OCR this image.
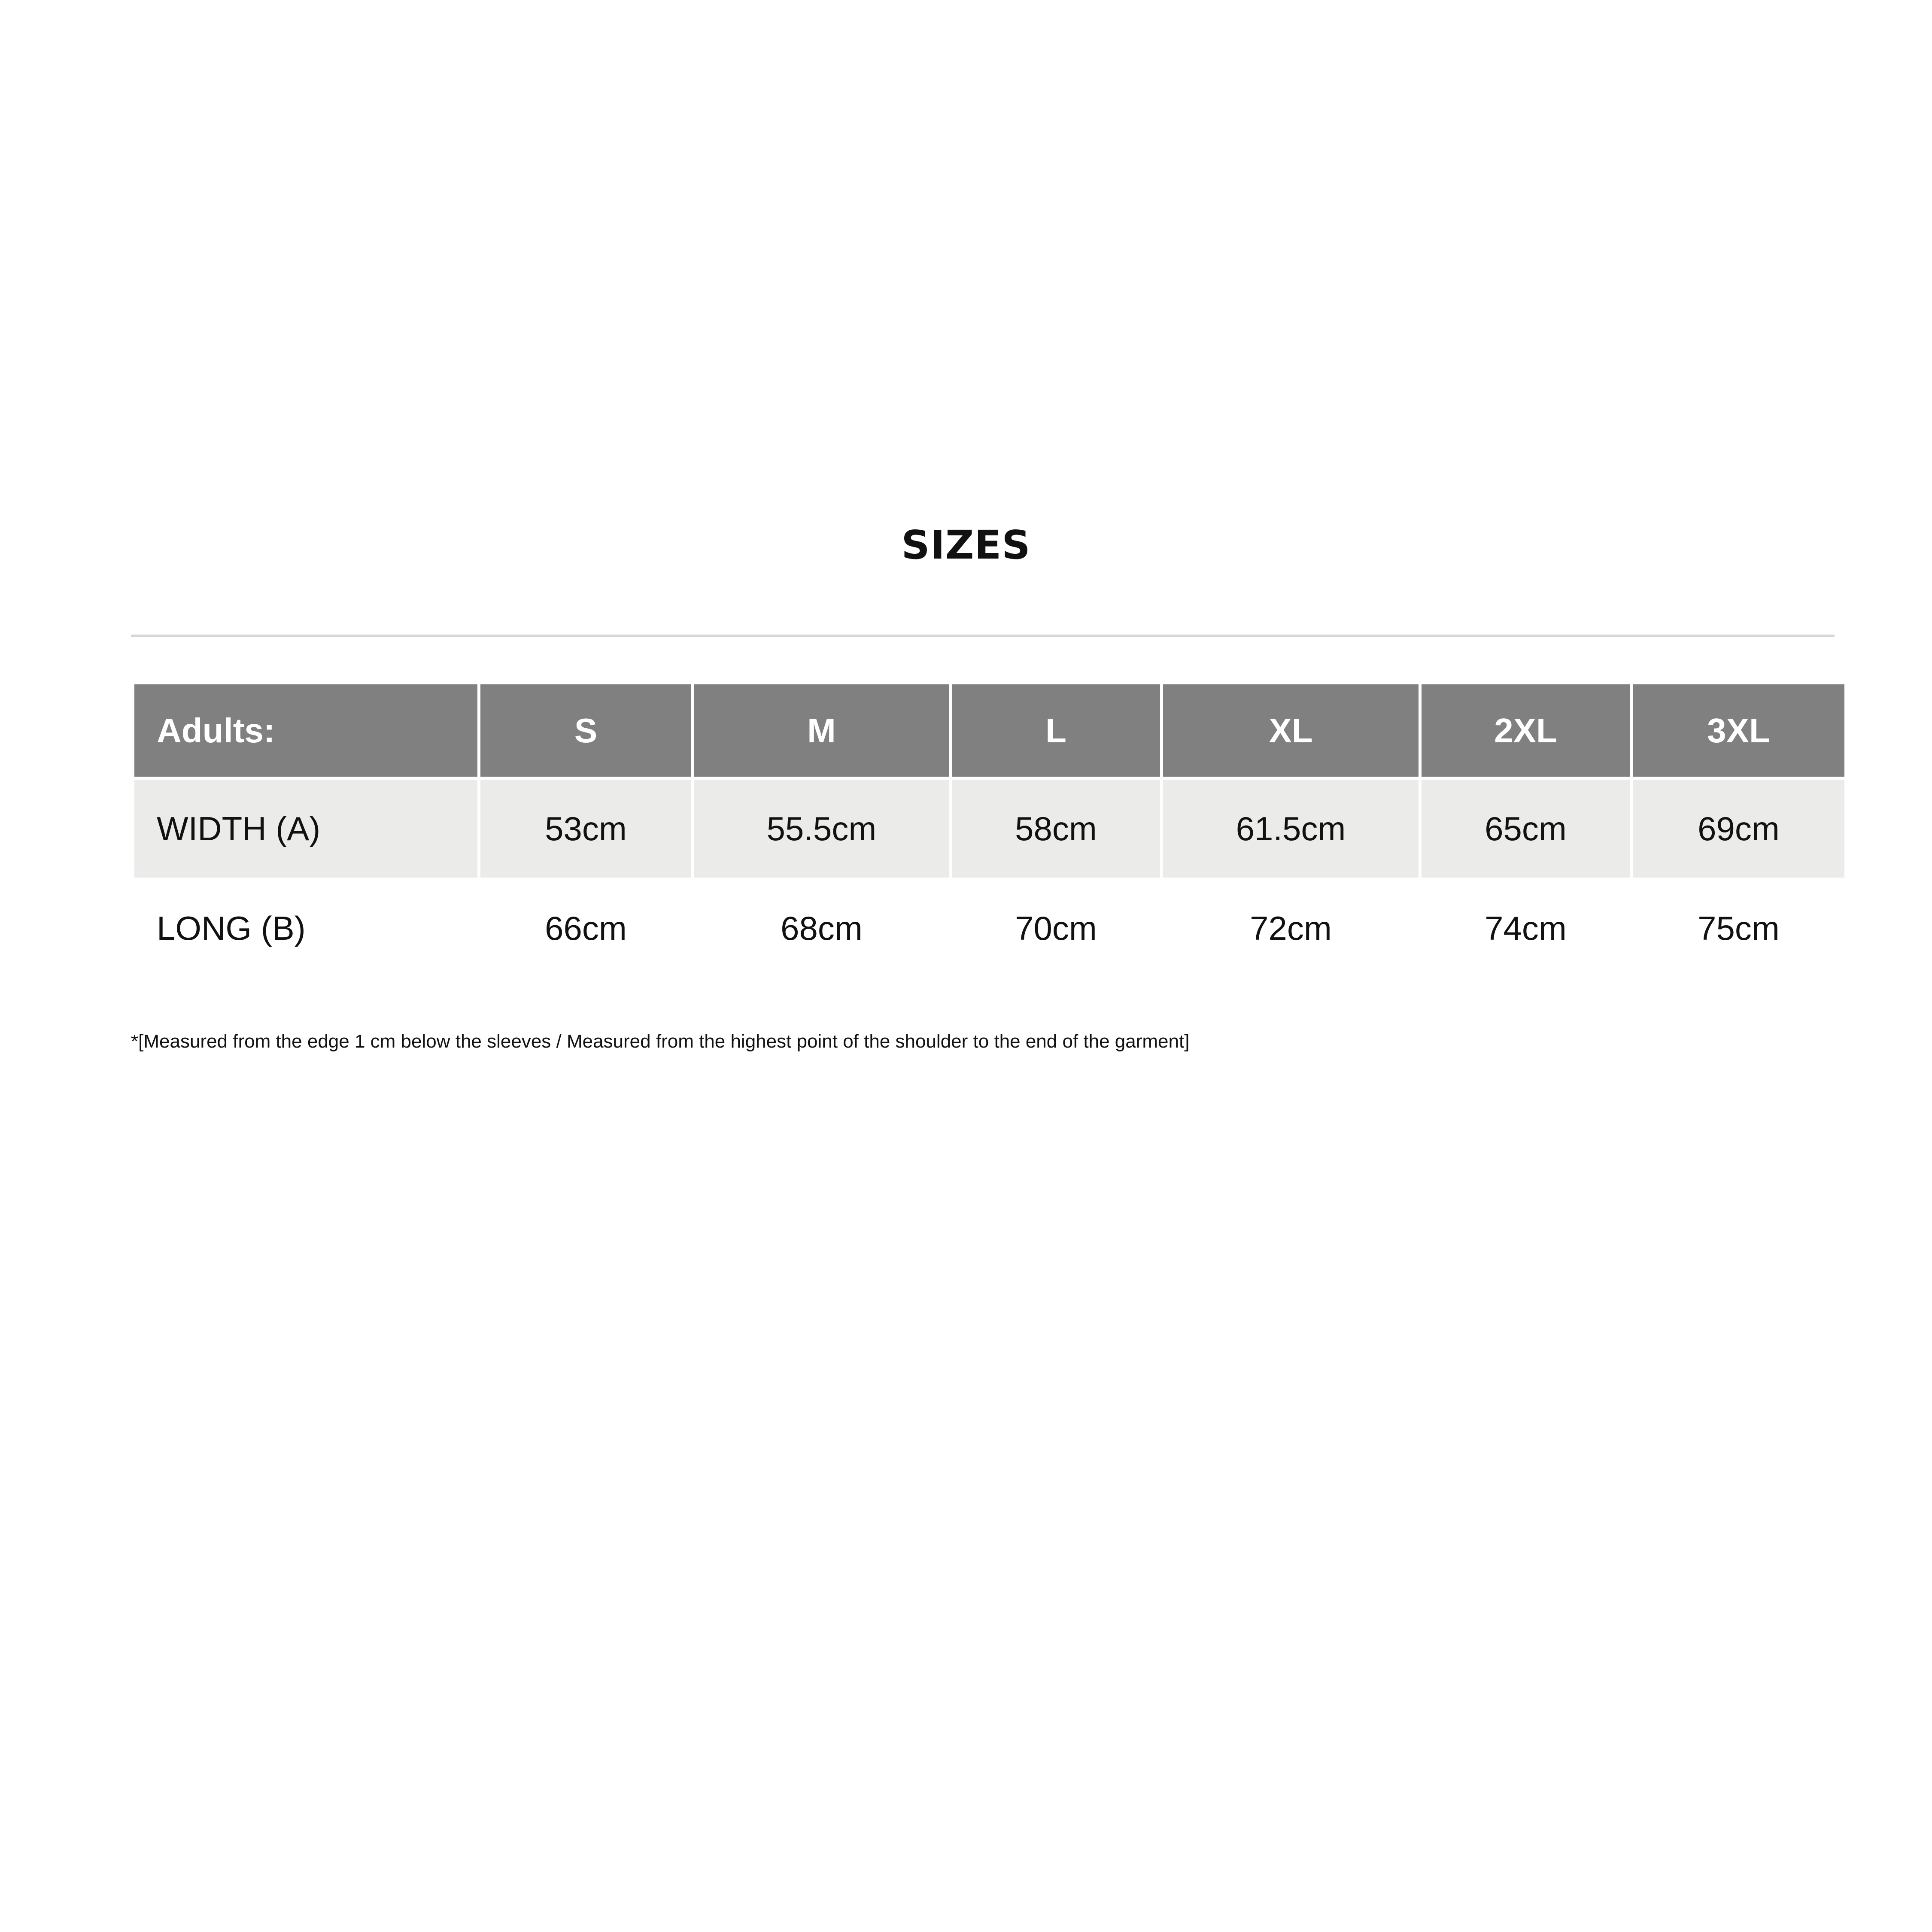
SIZES
Adults:	S	M	L	XL	2XL	3XL
WIDTH (A)	53cm	55.5cm	58cm	61.5cm	65cm	69cm
LONG (B)	66cm	68cm	70cm	72cm	74cm	75cm
*[Measured from the edge 1 cm below the sleeves / Measured from the highest point of the shoulder to the end of the garment]
